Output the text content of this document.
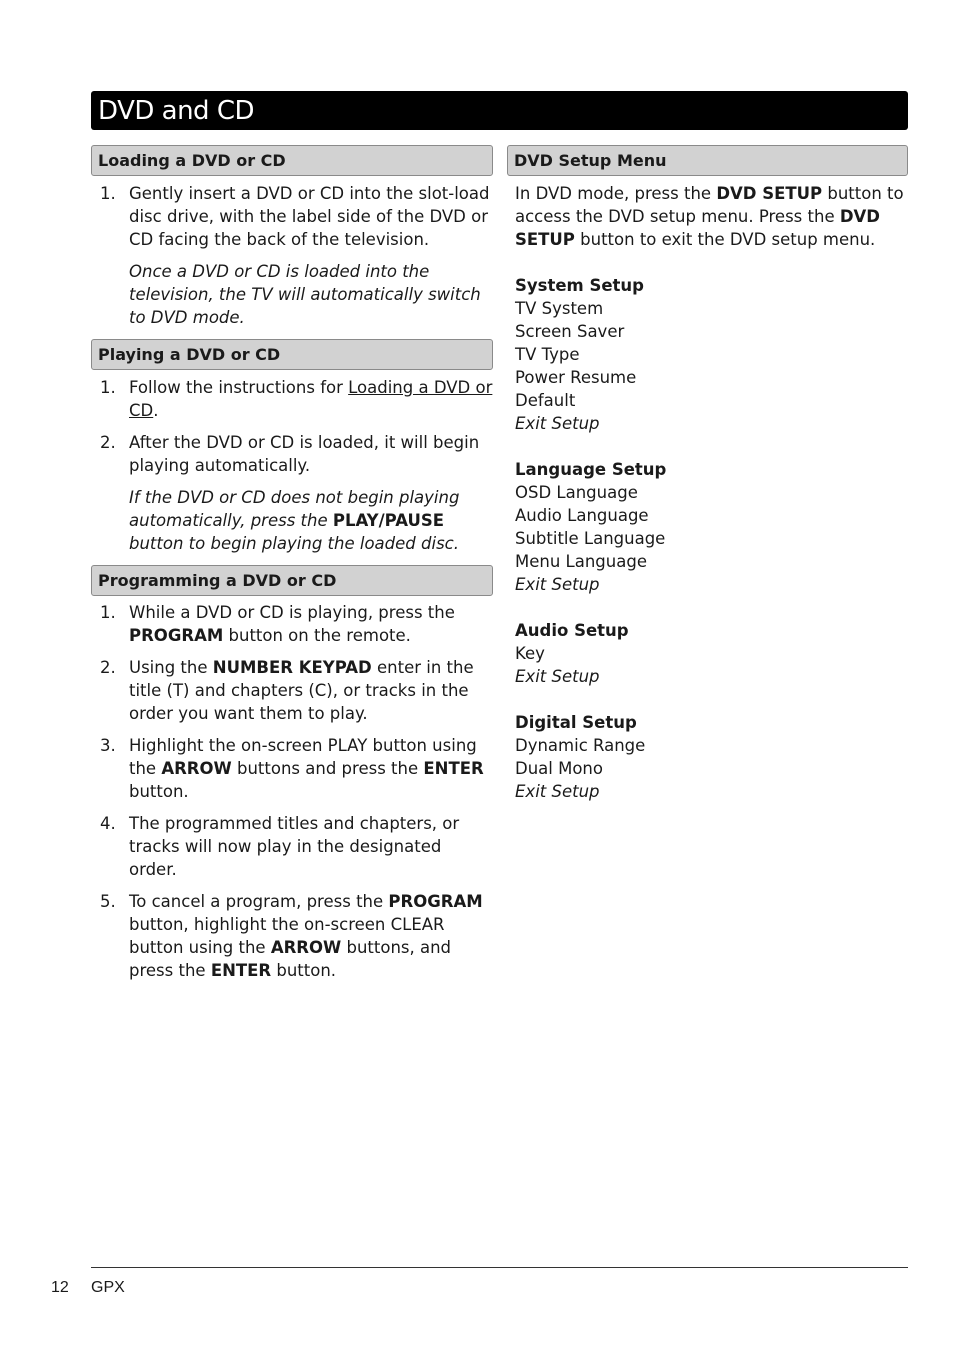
DVD and CD
Loading a DVD or CD
1. Gently insert a DVD or CD into the slot-load disc drive, with the label side of the DVD or CD facing the back of the television.
Once a DVD or CD is loaded into the television, the TV will automatically switch to DVD mode.
Playing a DVD or CD
1. Follow the instructions for Loading a DVD or CD.
2. After the DVD or CD is loaded, it will begin playing automatically.
If the DVD or CD does not begin playing automatically, press the PLAY/PAUSE button to begin playing the loaded disc.
Programming a DVD or CD
1. While a DVD or CD is playing, press the PROGRAM button on the remote.
2. Using the NUMBER KEYPAD enter in the title (T) and chapters (C), or tracks in the order you want them to play.
3. Highlight the on-screen PLAY button using the ARROW buttons and press the ENTER button.
4. The programmed titles and chapters, or tracks will now play in the designated order.
5. To cancel a program, press the PROGRAM button, highlight the on-screen CLEAR button using the ARROW buttons, and press the ENTER button.
DVD Setup Menu
In DVD mode, press the DVD SETUP button to access the DVD setup menu. Press the DVD SETUP button to exit the DVD setup menu.
System Setup
TV System
Screen Saver
TV Type
Power Resume
Default
Exit Setup
Language Setup
OSD Language
Audio Language
Subtitle Language
Menu Language
Exit Setup
Audio Setup
Key
Exit Setup
Digital Setup
Dynamic Range
Dual Mono
Exit Setup
12 GPX
